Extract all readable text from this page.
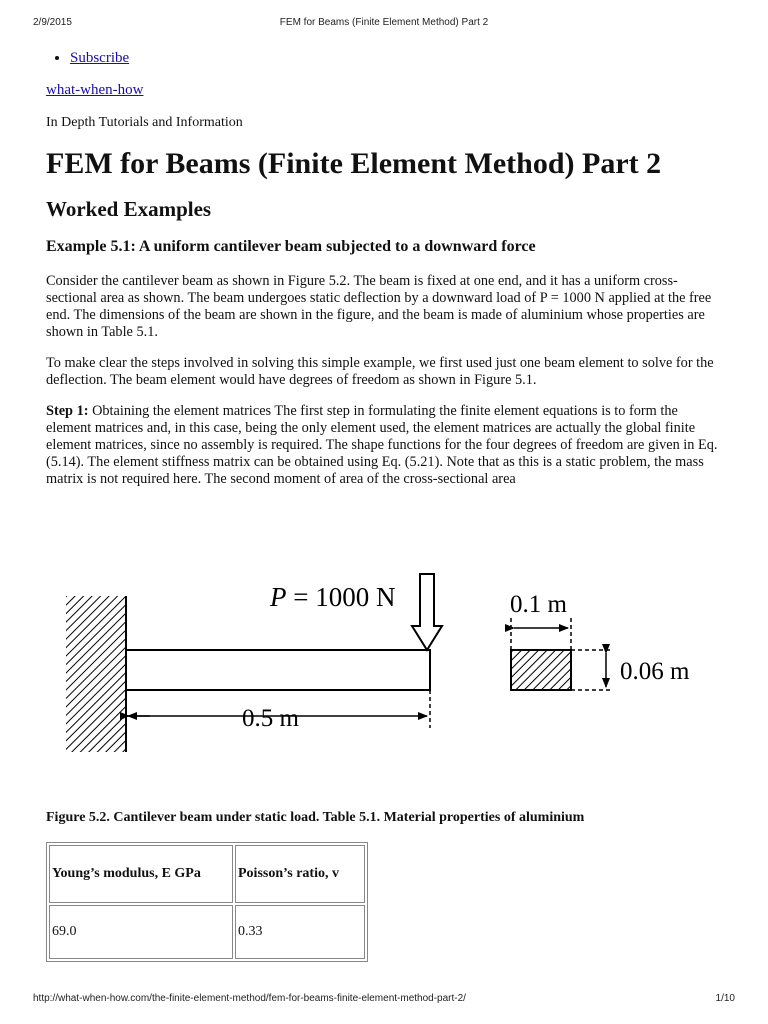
2/9/2015	FEM for Beams (Finite Element Method) Part 2
• Subscribe
what-when-how
In Depth Tutorials and Information
FEM for Beams (Finite Element Method) Part 2
Worked Examples
Example 5.1: A uniform cantilever beam subjected to a downward force

Consider the cantilever beam as shown in Figure 5.2. The beam is fixed at one end, and it has a uniform cross-sectional area as shown. The beam undergoes static deflection by a downward load of P = 1000 N applied at the free end. The dimensions of the beam are shown in the figure, and the beam is made of aluminium whose properties are shown in Table 5.1.

To make clear the steps involved in solving this simple example, we first used just one beam element to solve for the deflection. The beam element would have degrees of freedom as shown in Figure 5.1.

Step 1: Obtaining the element matrices The first step in formulating the finite element equations is to form the element matrices and, in this case, being the only element used, the element matrices are actually the global finite element matrices, since no assembly is required. The shape functions for the four degrees of freedom are given in Eq. (5.14). The element stiffness matrix can be obtained using Eq. (5.21). Note that as this is a static problem, the mass matrix is not required here. The second moment of area of the cross-sectional area

P = 1000 N
0.5 m
0.1 m
0.06 m
Figure 5.2. Cantilever beam under static load. Table 5.1. Material properties of aluminium
Young’s modulus, E GPa	Poisson’s ratio, v
69.0	0.33
http://what-when-how.com/the-finite-element-method/fem-for-beams-finite-element-method-part-2/	1/10
